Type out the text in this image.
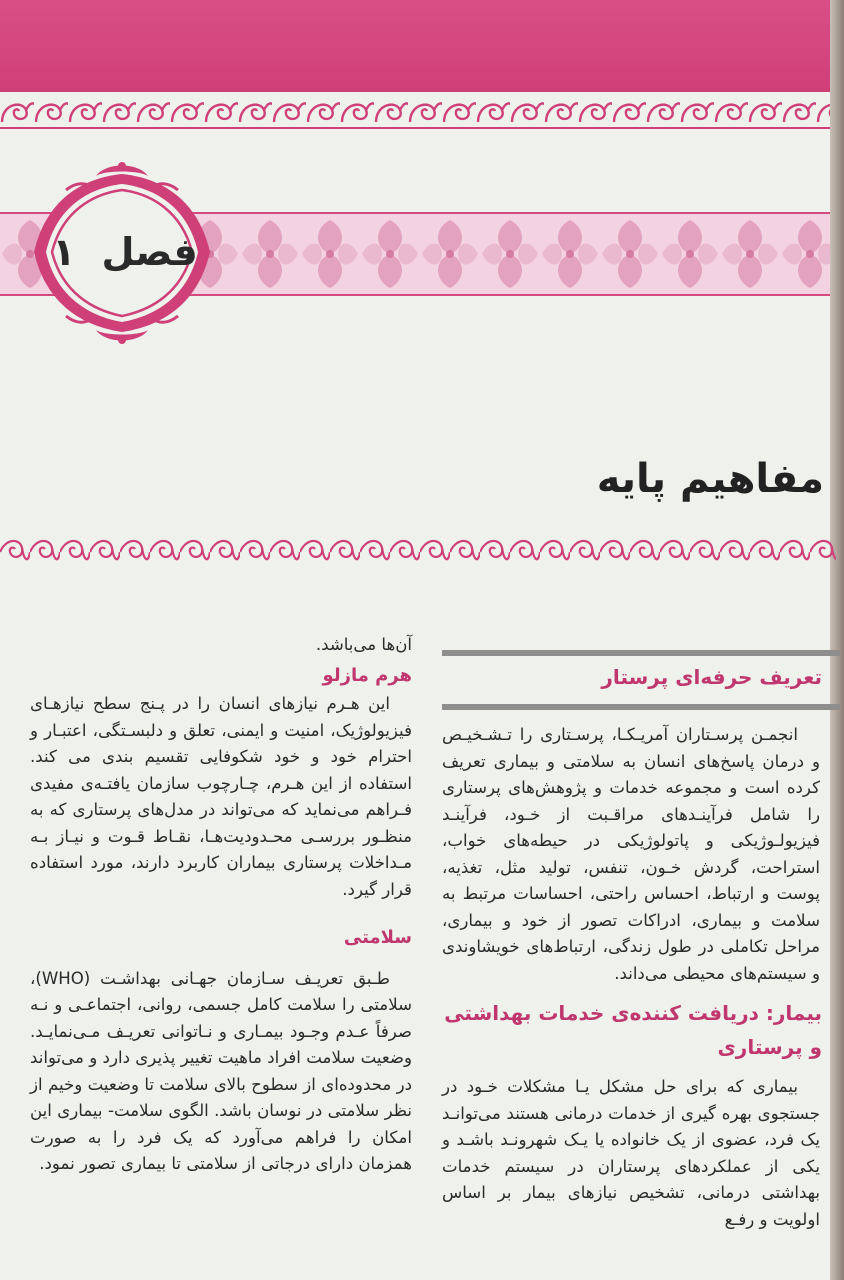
فصل
۱
مفاهیم پایه
تعریف حرفه‌ای پرستار

انجمـن پرسـتاران آمریـکـا، پرسـتاری را تـشـخیـص و درمان پاسخ‌های انسان به سلامتی و بیماری تعریف کرده است و مجموعه خدمات و پژوهش‌های پرستاری را شامل فرآینـدهای مراقـبت از خـود، فرآینـد فیزیولـوژیکی و پاتولوژیکی در حیطه‌های خواب، استراحت، گردش خـون، تنفس، تولید مثل، تغذیه، پوست و ارتباط، احساس راحتی، احساسات مرتبط به سلامت و بیماری، ادراکات تصور از خود و بیماری، مراحل تکاملی در طول زندگی، ارتباط‌های خویشاوندی و سیستم‌های محیطی می‌داند.

بیمار: دریافت کننده‌ی خدمات بهداشتی و پرستاری

بیماری که برای حل مشکل یـا مشکلات خـود در جستجوی بهره گیری از خدمات درمانی هستند می‌توانـد یک فرد، عضوی از یک خانواده یا یـک شهرونـد باشـد و یکی از عملکردهای پرستاران در سیستم خدمات بهداشتی درمانی، تشخیص نیازهای بیمار بر اساس اولویت و رفـع

آن‌ها می‌باشد.
هرم مازلو

این هـرم نیازهای انسان را در پـنج سطح نیازهـای فیزیولوژیک، امنیت و ایمنی، تعلق و دلبسـتگی، اعتبـار و احترام خود و خود شکوفایی تقسیم بندی می کند. استفاده از این هـرم، چـارچوب سازمان یافتـه‌ی مفیدی فـراهم می‌نماید که می‌تواند در مدل‌های پرستاری که به منظـور بررسـی محـدودیت‌هـا، نقـاط قـوت و نیـاز بـه مـداخلات پرستاری بیماران کاربرد دارند، مورد استفاده قرار گیرد.

سلامتی

طـبق تعریـف سـازمان جهـانی بهداشـت (WHO)، سلامتی را سلامت کامل جسمی، روانی، اجتماعـی و نـه صرفاً عـدم وجـود بیمـاری و نـاتوانی تعریـف مـی‌نمایـد. وضعیت سلامت افراد ماهیت تغییر پذیری دارد و می‌تواند در محدوده‌ای از سطوح بالای سلامت تا وضعیت وخیم از نظر سلامتی در نوسان باشد. الگوی سلامت- بیماری این امکان را فراهم می‌آورد که یک فرد را به صورت همزمان دارای درجاتی از سلامتی تا بیماری تصور نمود.
